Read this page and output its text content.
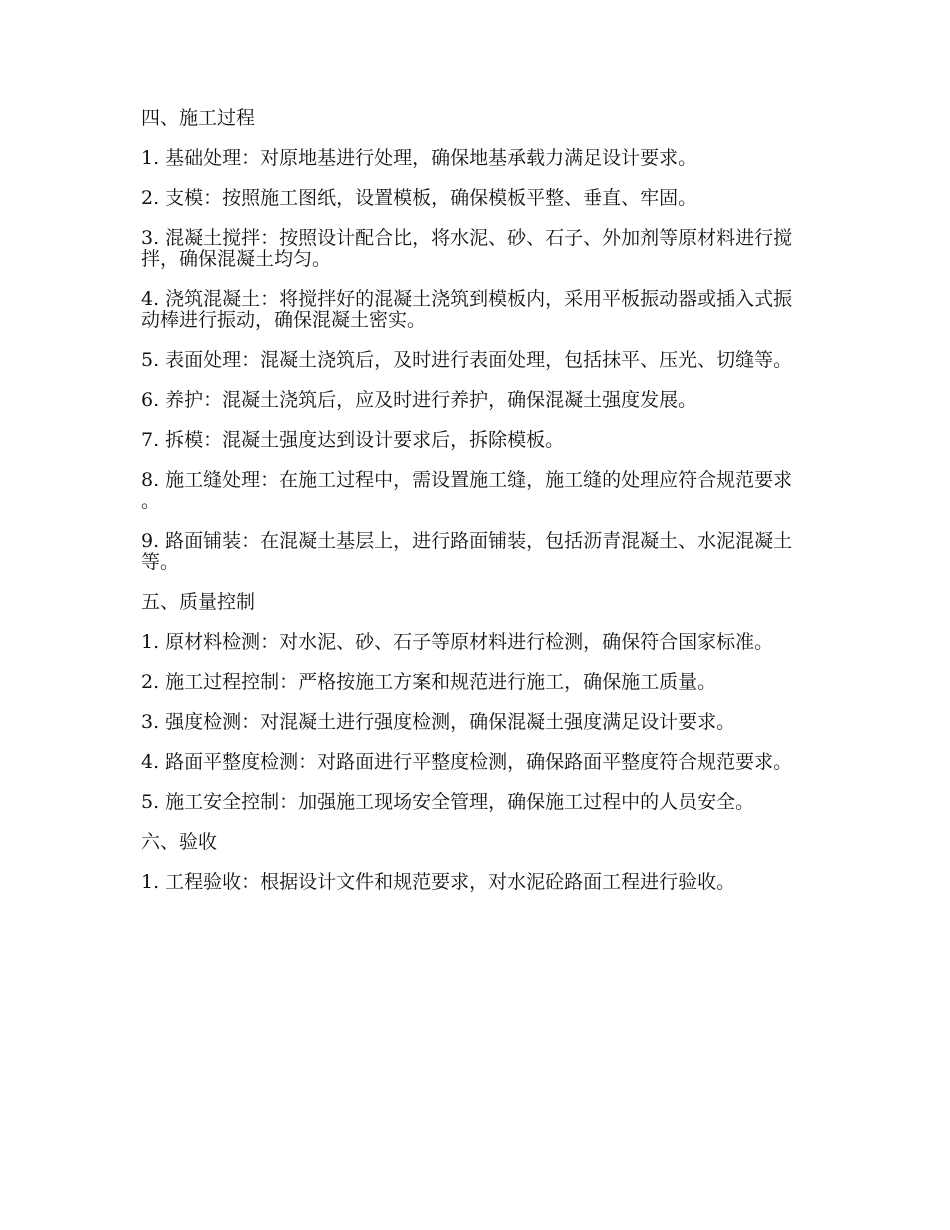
四、施工过程

1. 基础处理：对原地基进行处理，确保地基承载力满足设计要求。

2. 支模：按照施工图纸，设置模板，确保模板平整、垂直、牢固。

3. 混凝土搅拌：按照设计配合比，将水泥、砂、石子、外加剂等原材料进行搅拌，确保混凝土均匀。

4. 浇筑混凝土：将搅拌好的混凝土浇筑到模板内，采用平板振动器或插入式振动棒进行振动，确保混凝土密实。

5. 表面处理：混凝土浇筑后，及时进行表面处理，包括抹平、压光、切缝等。

6. 养护：混凝土浇筑后，应及时进行养护，确保混凝土强度发展。

7. 拆模：混凝土强度达到设计要求后，拆除模板。

8. 施工缝处理：在施工过程中，需设置施工缝，施工缝的处理应符合规范要求。

9. 路面铺装：在混凝土基层上，进行路面铺装，包括沥青混凝土、水泥混凝土等。

五、质量控制

1. 原材料检测：对水泥、砂、石子等原材料进行检测，确保符合国家标准。

2. 施工过程控制：严格按施工方案和规范进行施工，确保施工质量。

3. 强度检测：对混凝土进行强度检测，确保混凝土强度满足设计要求。

4. 路面平整度检测：对路面进行平整度检测，确保路面平整度符合规范要求。

5. 施工安全控制：加强施工现场安全管理，确保施工过程中的人员安全。

六、验收

1. 工程验收：根据设计文件和规范要求，对水泥砼路面工程进行验收。
